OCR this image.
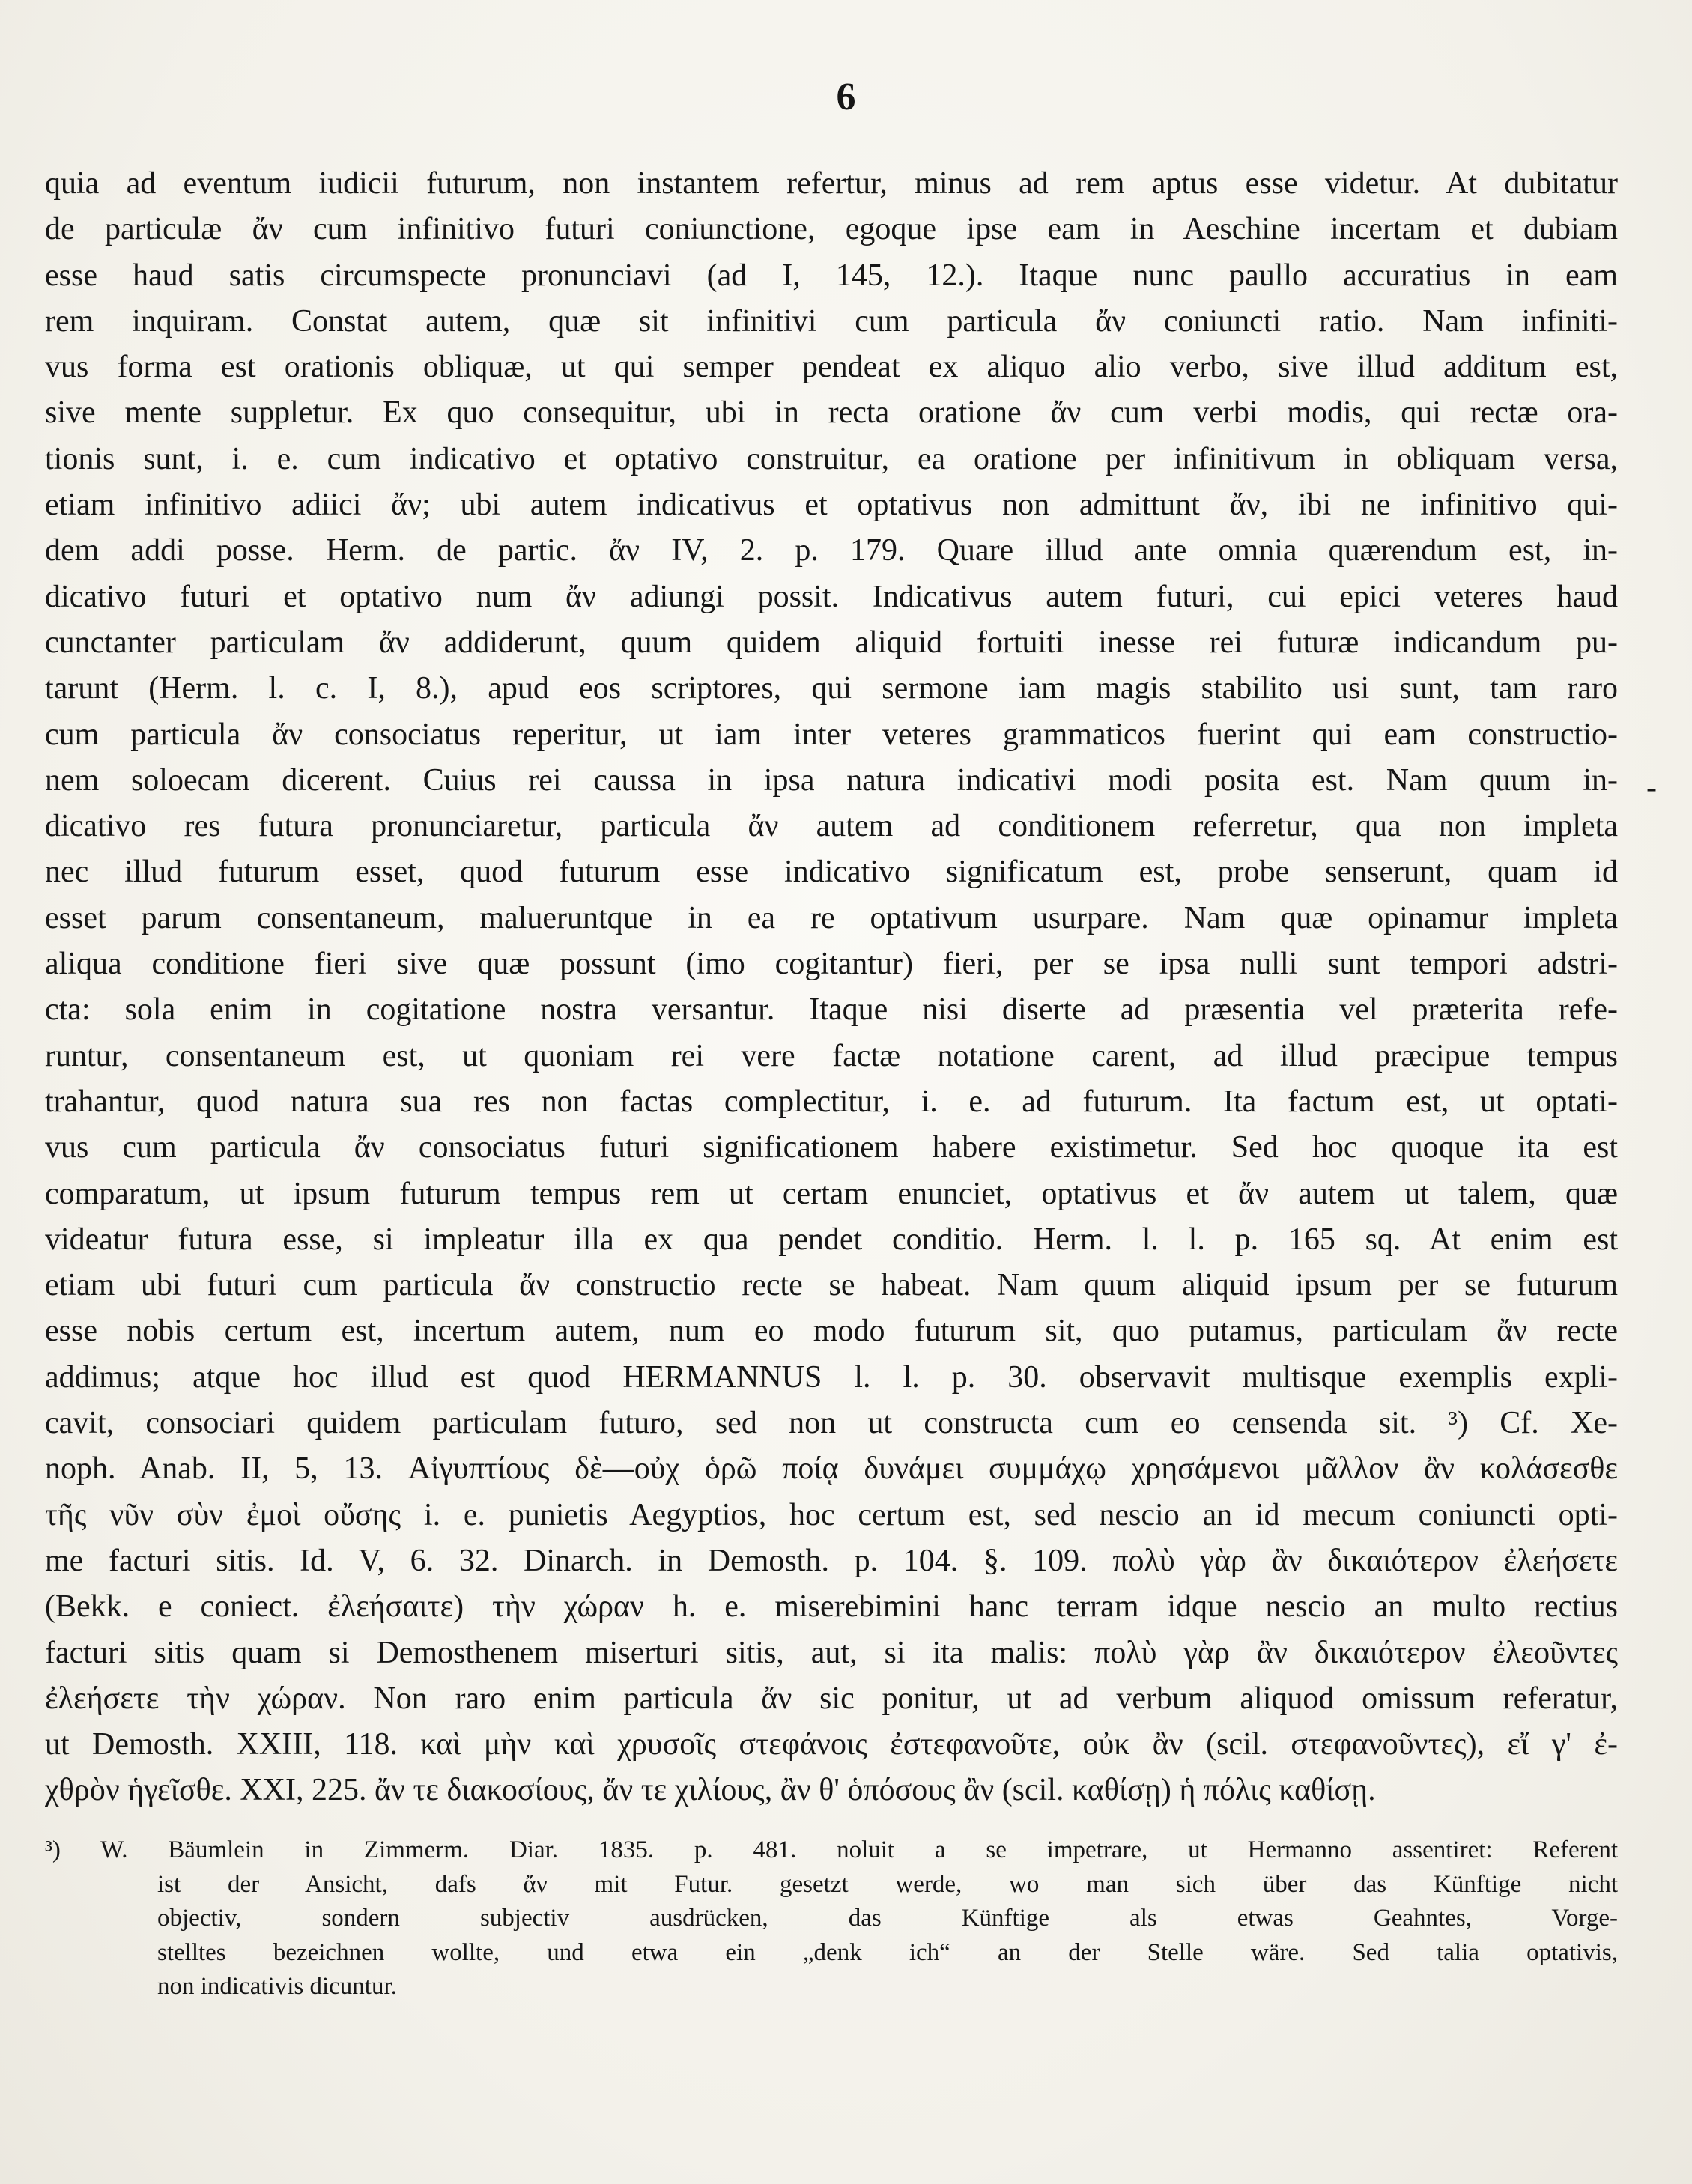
6
quia ad eventum iudicii futurum, non instantem refertur, minus ad rem aptus esse videtur. At dubitatur
de particulæ ἄν cum infinitivo futuri coniunctione, egoque ipse eam in Aeschine incertam et dubiam
esse haud satis circumspecte pronunciavi (ad I, 145, 12.). Itaque nunc paullo accuratius in eam
rem inquiram. Constat autem, quæ sit infinitivi cum particula ἄν coniuncti ratio. Nam infiniti-
vus forma est orationis obliquæ, ut qui semper pendeat ex aliquo alio verbo, sive illud additum est,
sive mente suppletur. Ex quo consequitur, ubi in recta oratione ἄν cum verbi modis, qui rectæ ora-
tionis sunt, i. e. cum indicativo et optativo construitur, ea oratione per infinitivum in obliquam versa,
etiam infinitivo adiici ἄν; ubi autem indicativus et optativus non admittunt ἄν, ibi ne infinitivo qui-
dem addi posse. Herm. de partic. ἄν IV, 2. p. 179. Quare illud ante omnia quærendum est, in-
dicativo futuri et optativo num ἄν adiungi possit. Indicativus autem futuri, cui epici veteres haud
cunctanter particulam ἄν addiderunt, quum quidem aliquid fortuiti inesse rei futuræ indicandum pu-
tarunt (Herm. l. c. I, 8.), apud eos scriptores, qui sermone iam magis stabilito usi sunt, tam raro
cum particula ἄν consociatus reperitur, ut iam inter veteres grammaticos fuerint qui eam constructio-
nem soloecam dicerent. Cuius rei caussa in ipsa natura indicativi modi posita est. Nam quum in-
dicativo res futura pronunciaretur, particula ἄν autem ad conditionem referretur, qua non impleta
nec illud futurum esset, quod futurum esse indicativo significatum est, probe senserunt, quam id
esset parum consentaneum, malueruntque in ea re optativum usurpare. Nam quæ opinamur impleta
aliqua conditione fieri sive quæ possunt (imo cogitantur) fieri, per se ipsa nulli sunt tempori adstri-
cta: sola enim in cogitatione nostra versantur. Itaque nisi diserte ad præsentia vel præterita refe-
runtur, consentaneum est, ut quoniam rei vere factæ notatione carent, ad illud præcipue tempus
trahantur, quod natura sua res non factas complectitur, i. e. ad futurum. Ita factum est, ut optati-
vus cum particula ἄν consociatus futuri significationem habere existimetur. Sed hoc quoque ita est
comparatum, ut ipsum futurum tempus rem ut certam enunciet, optativus et ἄν autem ut talem, quæ
videatur futura esse, si impleatur illa ex qua pendet conditio. Herm. l. l. p. 165 sq. At enim est
etiam ubi futuri cum particula ἄν constructio recte se habeat. Nam quum aliquid ipsum per se futurum
esse nobis certum est, incertum autem, num eo modo futurum sit, quo putamus, particulam ἄν recte
addimus; atque hoc illud est quod HERMANNUS l. l. p. 30. observavit multisque exemplis expli-
cavit, consociari quidem particulam futuro, sed non ut constructa cum eo censenda sit. ³) Cf. Xe-
noph. Anab. II, 5, 13. Αἰγυπτίους δὲ—οὐχ ὁρῶ ποίᾳ δυνάμει συμμάχῳ χρησάμενοι μᾶλλον ἂν κολάσεσθε
τῆς νῦν σὺν ἐμοὶ οὔσης i. e. punietis Aegyptios, hoc certum est, sed nescio an id mecum coniuncti opti-
me facturi sitis. Id. V, 6. 32. Dinarch. in Demosth. p. 104. §. 109. πολὺ γὰρ ἂν δικαιότερον ἐλεήσετε
(Bekk. e coniect. ἐλεήσαιτε) τὴν χώραν h. e. miserebimini hanc terram idque nescio an multo rectius
facturi sitis quam si Demosthenem miserturi sitis, aut, si ita malis: πολὺ γὰρ ἂν δικαιότερον ἐλεοῦντες
ἐλεήσετε τὴν χώραν. Non raro enim particula ἄν sic ponitur, ut ad verbum aliquod omissum referatur,
ut Demosth. XXIII, 118. καὶ μὴν καὶ χρυσοῖς στεφάνοις ἐστεφανοῦτε, οὐκ ἂν (scil. στεφανοῦντες), εἴ γ' ἐ-
χθρὸν ἡγεῖσθε. XXI, 225. ἄν τε διακοσίους, ἄν τε χιλίους, ἂν θ' ὁπόσους ἂν (scil. καθίσῃ) ἡ πόλις καθίσῃ.
-
³) W. Bäumlein in Zimmerm. Diar. 1835. p. 481. noluit a se impetrare, ut Hermanno assentiret: Referent
ist der Ansicht, dafs ἄν mit Futur. gesetzt werde, wo man sich über das Künftige nicht
objectiv, sondern subjectiv ausdrücken, das Künftige als etwas Geahntes, Vorge-
stelltes bezeichnen wollte, und etwa ein „denk ich“ an der Stelle wäre. Sed talia optativis,
non indicativis dicuntur.
